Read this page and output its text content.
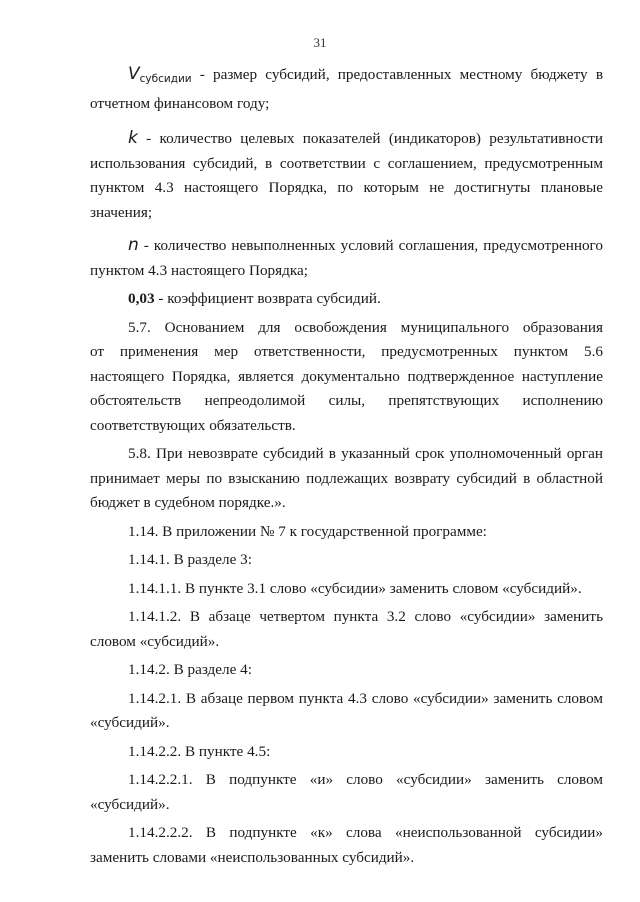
31

$V_{субсидии}$ - размер субсидий, предоставленных местному бюджету в

отчетном финансовом году;

k - количество целевых показателей (индикаторов) результативности

использования субсидий, в соответствии с соглашением, предусмотренным

пунктом 4.3 настоящего Порядка, по которым не достигнуты плановые

значения;

n - количество невыполненных условий соглашения, предусмотренного

пунктом 4.3 настоящего Порядка;

0,03 - коэффициент возврата субсидий.

5.7. Основанием для освобождения муниципального образования

от применения мер ответственности, предусмотренных пунктом 5.6

настоящего Порядка, является документально подтвержденное наступление

обстоятельств непреодолимой силы, препятствующих исполнению

соответствующих обязательств.

5.8. При невозврате субсидий в указанный срок уполномоченный орган

принимает меры по взысканию подлежащих возврату субсидий в областной

бюджет в судебном порядке.».

1.14. В приложении № 7 к государственной программе:

1.14.1. В разделе 3:

1.14.1.1. В пункте 3.1 слово «субсидии» заменить словом «субсидий».

1.14.1.2. В абзаце четвертом пункта 3.2 слово «субсидии» заменить

словом «субсидий».

1.14.2. В разделе 4:

1.14.2.1. В абзаце первом пункта 4.3 слово «субсидии» заменить словом

«субсидий».

1.14.2.2. В пункте 4.5:

1.14.2.2.1. В подпункте «и» слово «субсидии» заменить словом

«субсидий».

1.14.2.2.2. В подпункте «к» слова «неиспользованной субсидии»

заменить словами «неиспользованных субсидий».
